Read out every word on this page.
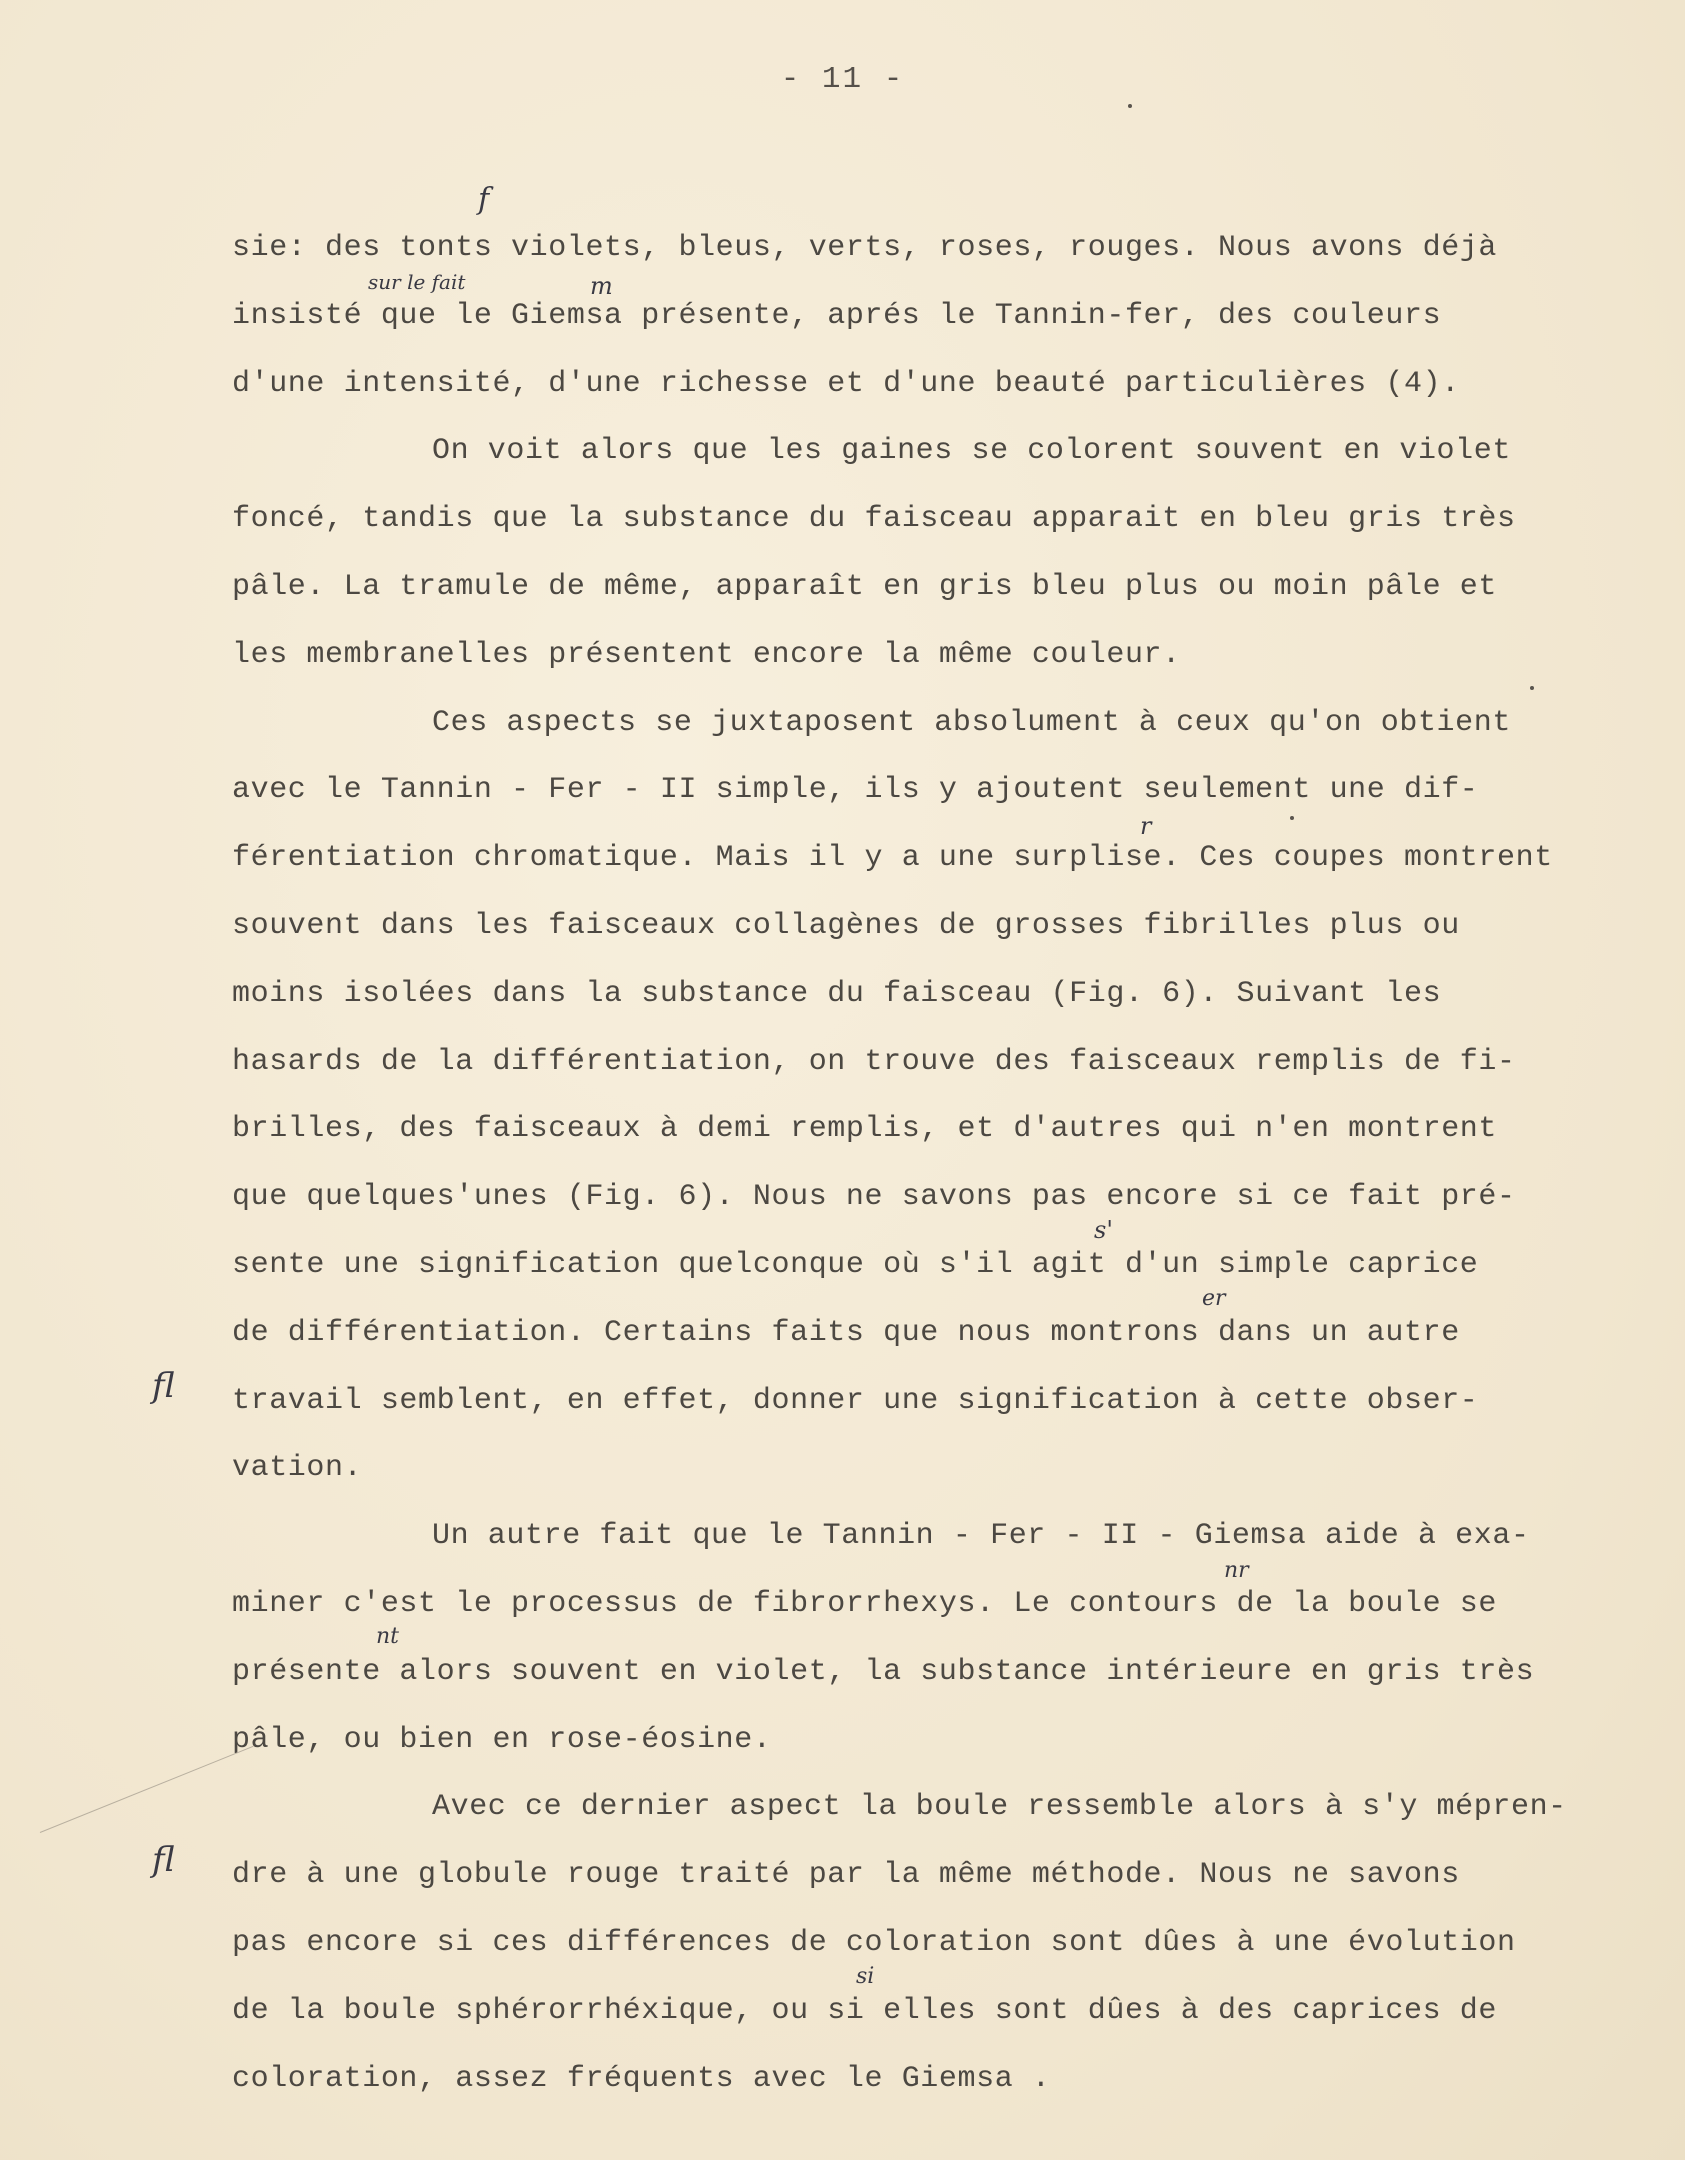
- 11 -
sie: des tonts violets, bleus, verts, roses, rouges. Nous avons déjà
insisté que le Giemsa présente, aprés le Tannin-fer, des couleurs
d'une intensité, d'une richesse et d'une beauté particulières (4).
On voit alors que les gaines se colorent souvent en violet
foncé, tandis que la substance du faisceau apparait en bleu gris très
pâle. La tramule de même, apparaît en gris bleu plus ou moin pâle et
les membranelles présentent encore la même couleur.
Ces aspects se juxtaposent absolument à ceux qu'on obtient
avec le Tannin - Fer - II simple, ils y ajoutent seulement une dif-
férentiation chromatique. Mais il y a une surplise. Ces coupes montrent
souvent dans les faisceaux collagènes de grosses fibrilles plus ou
moins isolées dans la substance du faisceau (Fig. 6). Suivant les
hasards de la différentiation, on trouve des faisceaux remplis de fi-
brilles, des faisceaux à demi remplis, et d'autres qui n'en montrent
que quelques'unes (Fig. 6). Nous ne savons pas encore si ce fait pré-
sente une signification quelconque où s'il agit d'un simple caprice
de différentiation. Certains faits que nous montrons dans un autre
travail semblent, en effet, donner une signification à cette obser-
vation.
Un autre fait que le Tannin - Fer - II - Giemsa aide à exa-
miner c'est le processus de fibrorrhexys. Le contours de la boule se
présente alors souvent en violet, la substance intérieure en gris très
pâle, ou bien en rose-éosine.
Avec ce dernier aspect la boule ressemble alors à s'y mépren-
dre à une globule rouge traité par la même méthode. Nous ne savons
pas encore si ces différences de coloration sont dûes à une évolution
de la boule sphérorrhéxique, ou si elles sont dûes à des caprices de
coloration, assez fréquents avec le Giemsa .
f
sur le fait	m
r
s'
er
nr
nt
si
fl
fl
